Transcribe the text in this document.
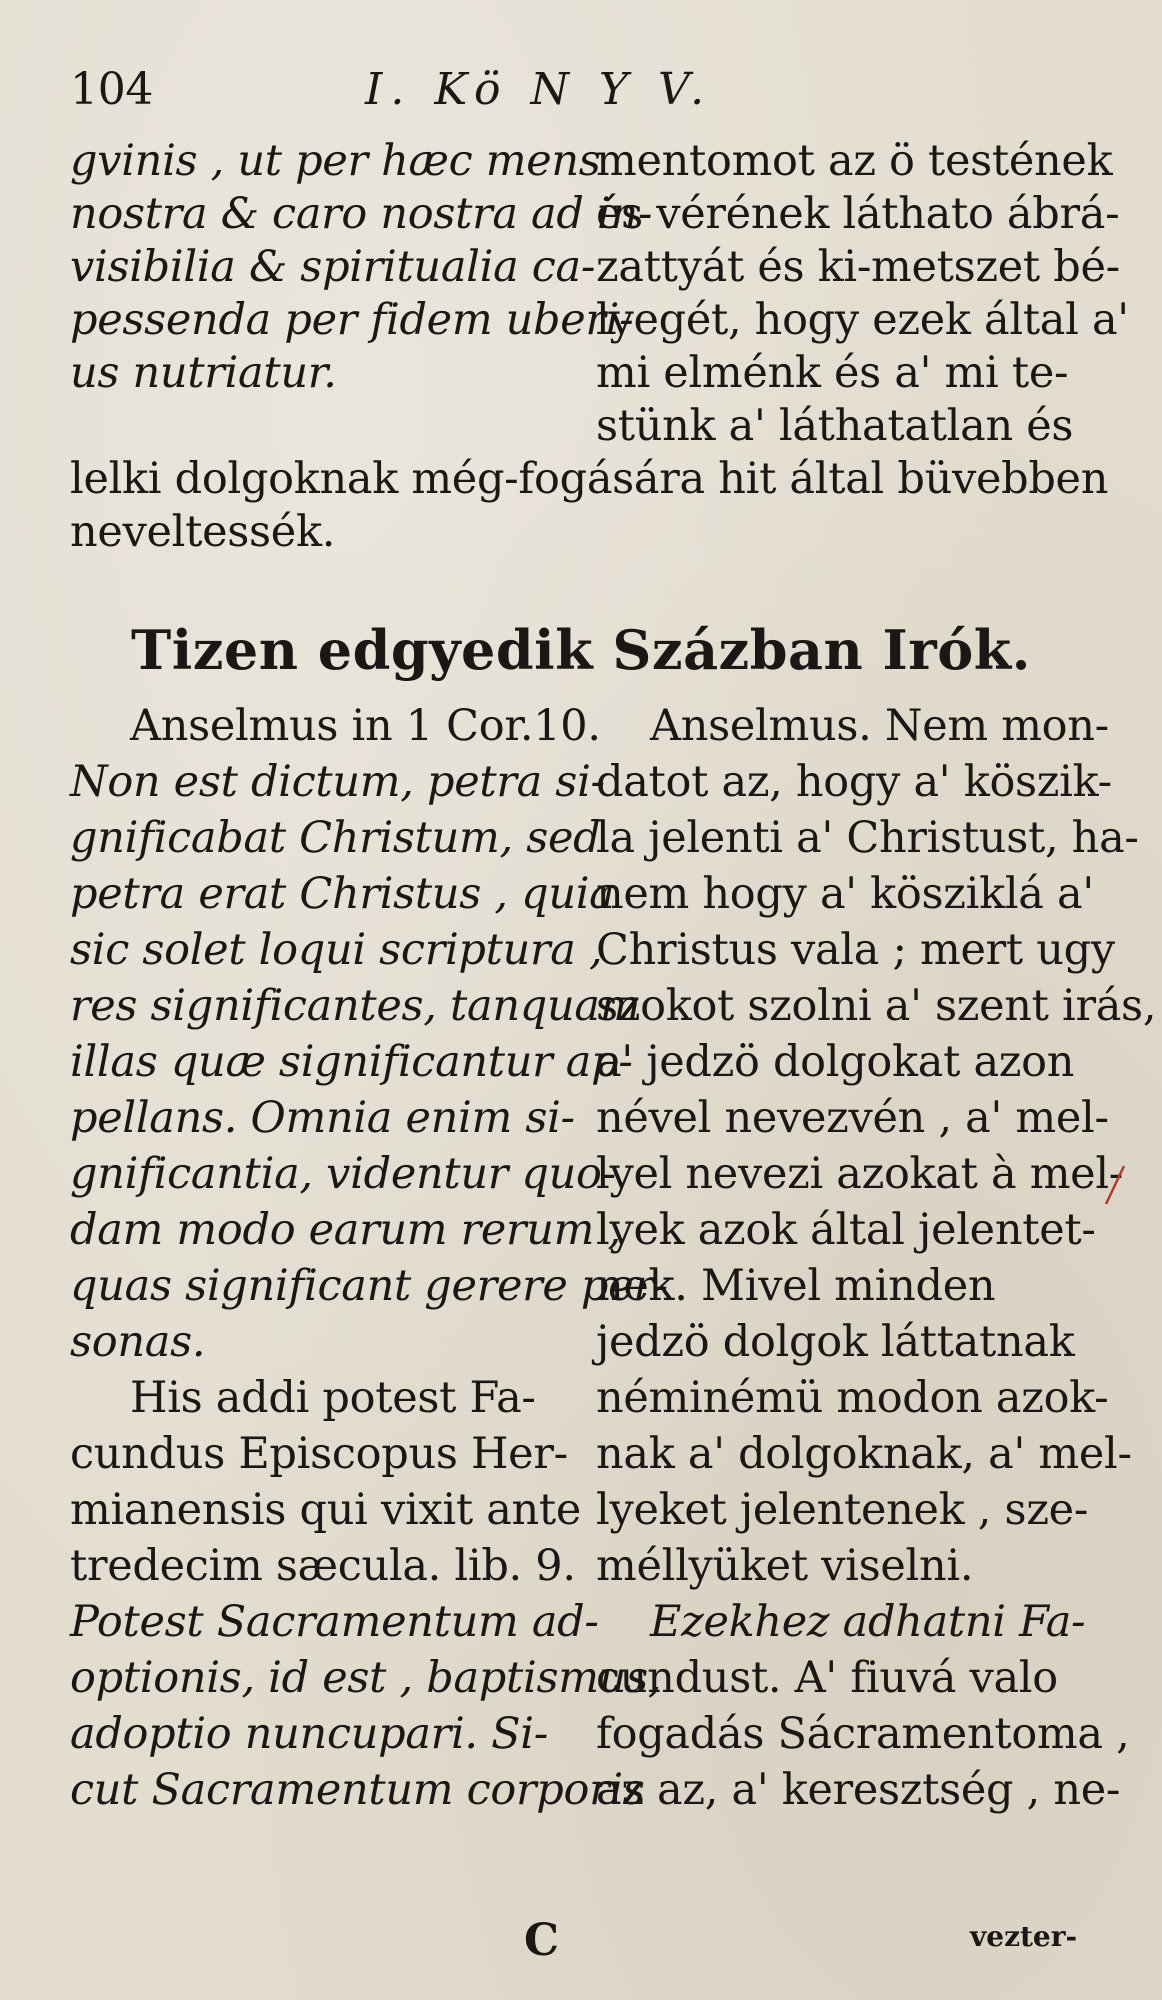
104	I. Kö N Y V.
gvinis , ut per hæc mens
nostra & caro nostra ad in-
visibilia & spiritualia ca-
pessenda per fidem uberi-
us nutriatur.
mentomot az ö testének
és vérének láthato ábrá-
zattyát és ki-metszet bé-
lyegét, hogy ezek által a'
mi elménk és a' mi te-
stünk a' láthatatlan és
lelki dolgoknak még-fogására hit által büvebben
neveltessék.
Tizen edgyedik Százban Irók.
Anselmus in 1 Cor.10.
Non est dictum, petra si-
gnificabat Christum, sed
petra erat Christus , quia
sic solet loqui scriptura ,
res significantes, tanquam
illas quæ significantur ap-
pellans. Omnia enim si-
gnificantia, videntur quo-
dam modo earum rerum ,
quas significant gerere per-
sonas.
His addi potest Fa-
cundus Episcopus Her-
mianensis qui vixit ante
tredecim sæcula. lib. 9.
Potest Sacramentum ad-
optionis, id est , baptismus,
adoptio nuncupari. Si-
cut Sacramentum corporis
Anselmus. Nem mon-
datot az, hogy a' köszik-
la jelenti a' Christust, ha-
nem hogy a' kösziklá a'
Christus vala ; mert ugy
szokot szolni a' szent irás,
a' jedzö dolgokat azon
nével nevezvén , a' mel-
lyel nevezi azokat à mel-
lyek azok által jelentet-
nek. Mivel minden
jedzö dolgok láttatnak
néminémü modon azok-
nak a' dolgoknak, a' mel-
lyeket jelentenek , sze-
méllyüket viselni.
Ezekhez adhatni Fa-
cundust. A' fiuvá valo
fogadás Sácramentoma ,
az az, a' keresztség , ne-
C	vezter-
